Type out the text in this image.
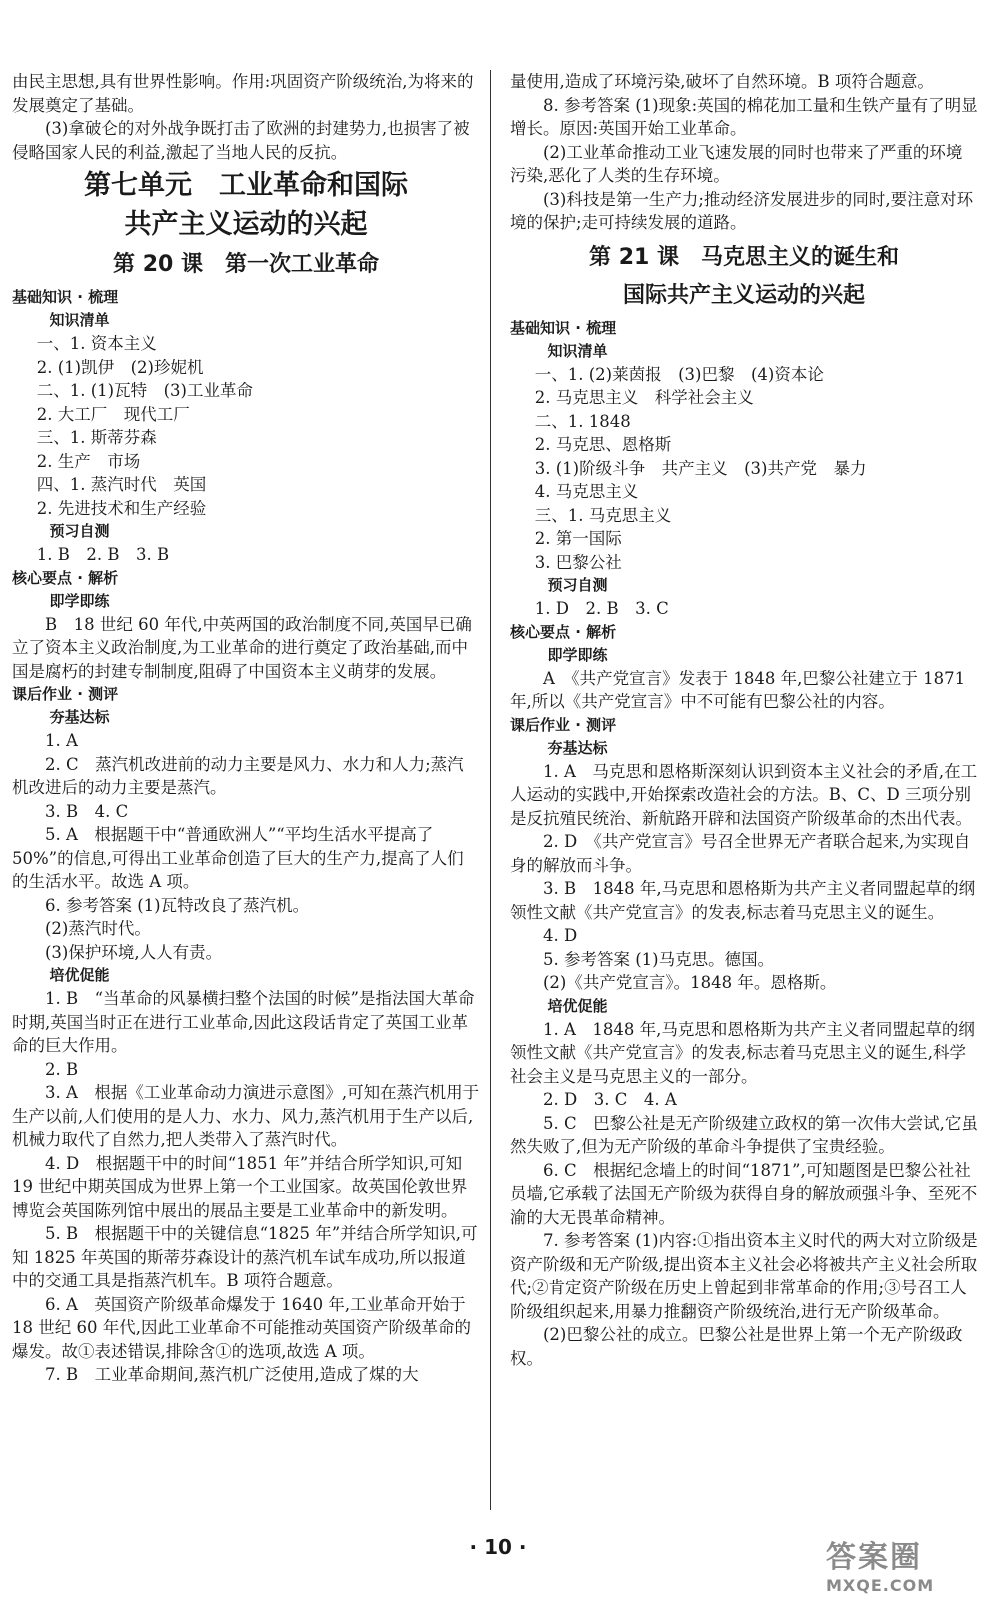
由民主思想,具有世界性影响。作用:巩固资产阶级统治,为将来的发展奠定了基础。

(3)拿破仑的对外战争既打击了欧洲的封建势力,也损害了被侵略国家人民的利益,激起了当地人民的反抗。

第七单元　工业革命和国际
共产主义运动的兴起
第 20 课　第一次工业革命

基础知识 · 梳理

知识清单

一、1. 资本主义

2. (1)凯伊　(2)珍妮机

二、1. (1)瓦特　(3)工业革命

2. 大工厂　现代工厂

三、1. 斯蒂芬森

2. 生产　市场

四、1. 蒸汽时代　英国

2. 先进技术和生产经验

预习自测

1. B　2. B　3. B

核心要点 · 解析

即学即练

B　18 世纪 60 年代,中英两国的政治制度不同,英国早已确立了资本主义政治制度,为工业革命的进行奠定了政治基础,而中国是腐朽的封建专制制度,阻碍了中国资本主义萌芽的发展。

课后作业 · 测评

夯基达标

1. A

2. C　蒸汽机改进前的动力主要是风力、水力和人力;蒸汽机改进后的动力主要是蒸汽。

3. B　4. C

5. A　根据题干中“普通欧洲人”“平均生活水平提高了 50%”的信息,可得出工业革命创造了巨大的生产力,提高了人们的生活水平。故选 A 项。

6. 参考答案 (1)瓦特改良了蒸汽机。

(2)蒸汽时代。

(3)保护环境,人人有责。

培优促能

1. B　“当革命的风暴横扫整个法国的时候”是指法国大革命时期,英国当时正在进行工业革命,因此这段话肯定了英国工业革命的巨大作用。

2. B

3. A　根据《工业革命动力演进示意图》,可知在蒸汽机用于生产以前,人们使用的是人力、水力、风力,蒸汽机用于生产以后,机械力取代了自然力,把人类带入了蒸汽时代。

4. D　根据题干中的时间“1851 年”并结合所学知识,可知 19 世纪中期英国成为世界上第一个工业国家。故英国伦敦世界博览会英国陈列馆中展出的展品主要是工业革命中的新发明。

5. B　根据题干中的关键信息“1825 年”并结合所学知识,可知 1825 年英国的斯蒂芬森设计的蒸汽机车试车成功,所以报道中的交通工具是指蒸汽机车。B 项符合题意。

6. A　英国资产阶级革命爆发于 1640 年,工业革命开始于 18 世纪 60 年代,因此工业革命不可能推动英国资产阶级革命的爆发。故①表述错误,排除含①的选项,故选 A 项。

7. B　工业革命期间,蒸汽机广泛使用,造成了煤的大

量使用,造成了环境污染,破坏了自然环境。B 项符合题意。

8. 参考答案 (1)现象:英国的棉花加工量和生铁产量有了明显增长。原因:英国开始工业革命。

(2)工业革命推动工业飞速发展的同时也带来了严重的环境污染,恶化了人类的生存环境。

(3)科技是第一生产力;推动经济发展进步的同时,要注意对环境的保护;走可持续发展的道路。

第 21 课　马克思主义的诞生和
国际共产主义运动的兴起

基础知识 · 梳理

知识清单

一、1. (2)莱茵报　(3)巴黎　(4)资本论

2. 马克思主义　科学社会主义

二、1. 1848

2. 马克思、恩格斯

3. (1)阶级斗争　共产主义　(3)共产党　暴力

4. 马克思主义

三、1. 马克思主义

2. 第一国际

3. 巴黎公社

预习自测

1. D　2. B　3. C

核心要点 · 解析

即学即练

A　《共产党宣言》发表于 1848 年,巴黎公社建立于 1871 年,所以《共产党宣言》中不可能有巴黎公社的内容。

课后作业 · 测评

夯基达标

1. A　马克思和恩格斯深刻认识到资本主义社会的矛盾,在工人运动的实践中,开始探索改造社会的方法。B、C、D 三项分别是反抗殖民统治、新航路开辟和法国资产阶级革命的杰出代表。

2. D　《共产党宣言》号召全世界无产者联合起来,为实现自身的解放而斗争。

3. B　1848 年,马克思和恩格斯为共产主义者同盟起草的纲领性文献《共产党宣言》的发表,标志着马克思主义的诞生。

4. D

5. 参考答案 (1)马克思。德国。

(2)《共产党宣言》。1848 年。恩格斯。

培优促能

1. A　1848 年,马克思和恩格斯为共产主义者同盟起草的纲领性文献《共产党宣言》的发表,标志着马克思主义的诞生,科学社会主义是马克思主义的一部分。

2. D　3. C　4. A

5. C　巴黎公社是无产阶级建立政权的第一次伟大尝试,它虽然失败了,但为无产阶级的革命斗争提供了宝贵经验。

6. C　根据纪念墙上的时间“1871”,可知题图是巴黎公社社员墙,它承载了法国无产阶级为获得自身的解放顽强斗争、至死不渝的大无畏革命精神。

7. 参考答案 (1)内容:①指出资本主义时代的两大对立阶级是资产阶级和无产阶级,提出资本主义社会必将被共产主义社会所取代;②肯定资产阶级在历史上曾起到非常革命的作用;③号召工人阶级组织起来,用暴力推翻资产阶级统治,进行无产阶级革命。

(2)巴黎公社的成立。巴黎公社是世界上第一个无产阶级政权。

· 10 ·	答案圈
MXQE.COM
